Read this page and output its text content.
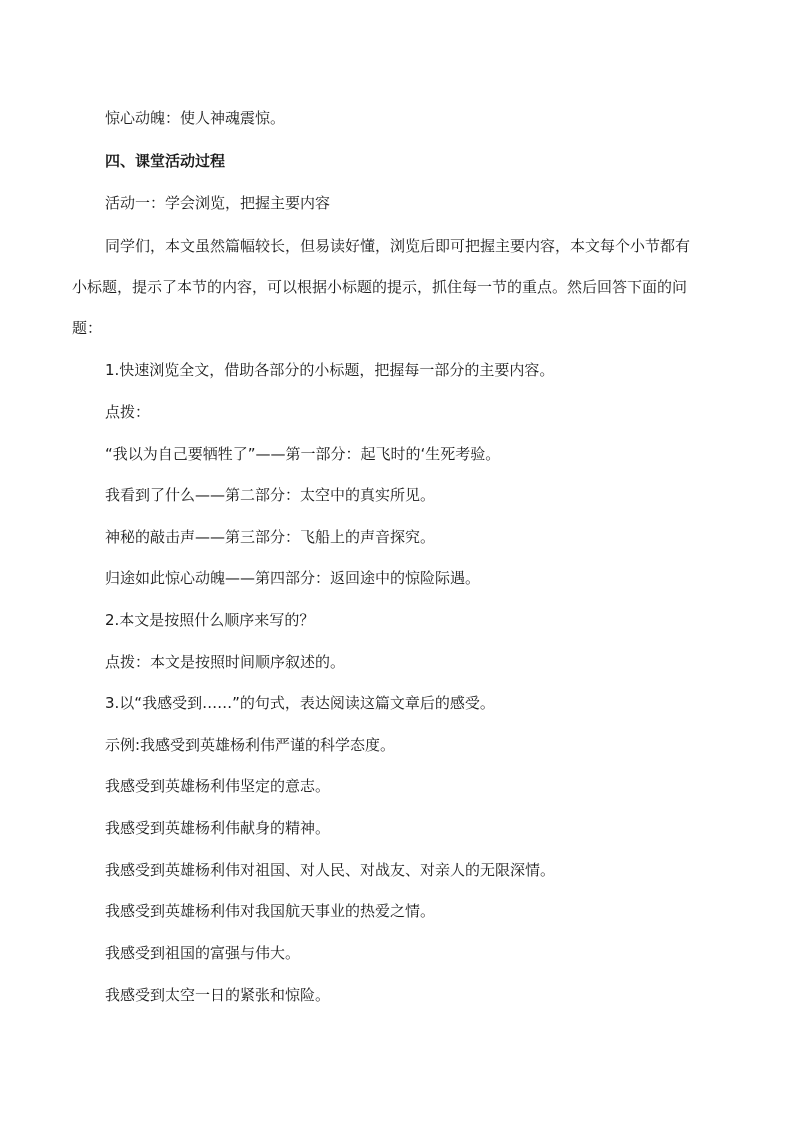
惊心动魄：使人神魂震惊。
四、课堂活动过程
活动一：学会浏览，把握主要内容
同学们，本文虽然篇幅较长，但易读好懂，浏览后即可把握主要内容，本文每个小节都有
小标题，提示了本节的内容，可以根据小标题的提示，抓住每一节的重点。然后回答下面的问
题：
1.快速浏览全文，借助各部分的小标题，把握每一部分的主要内容。
点拨：
“我以为自己要牺牲了”——第一部分：起飞时的‘生死考验。
我看到了什么——第二部分：太空中的真实所见。
神秘的敲击声——第三部分：飞船上的声音探究。
归途如此惊心动魄——第四部分：返回途中的惊险际遇。
2.本文是按照什么顺序来写的？
点拨：本文是按照时间顺序叙述的。
3.以“我感受到……”的句式，表达阅读这篇文章后的感受。
示例:我感受到英雄杨利伟严谨的科学态度。
我感受到英雄杨利伟坚定的意志。
我感受到英雄杨利伟献身的精神。
我感受到英雄杨利伟对祖国、对人民、对战友、对亲人的无限深情。
我感受到英雄杨利伟对我国航天事业的热爱之情。
我感受到祖国的富强与伟大。
我感受到太空一日的紧张和惊险。
